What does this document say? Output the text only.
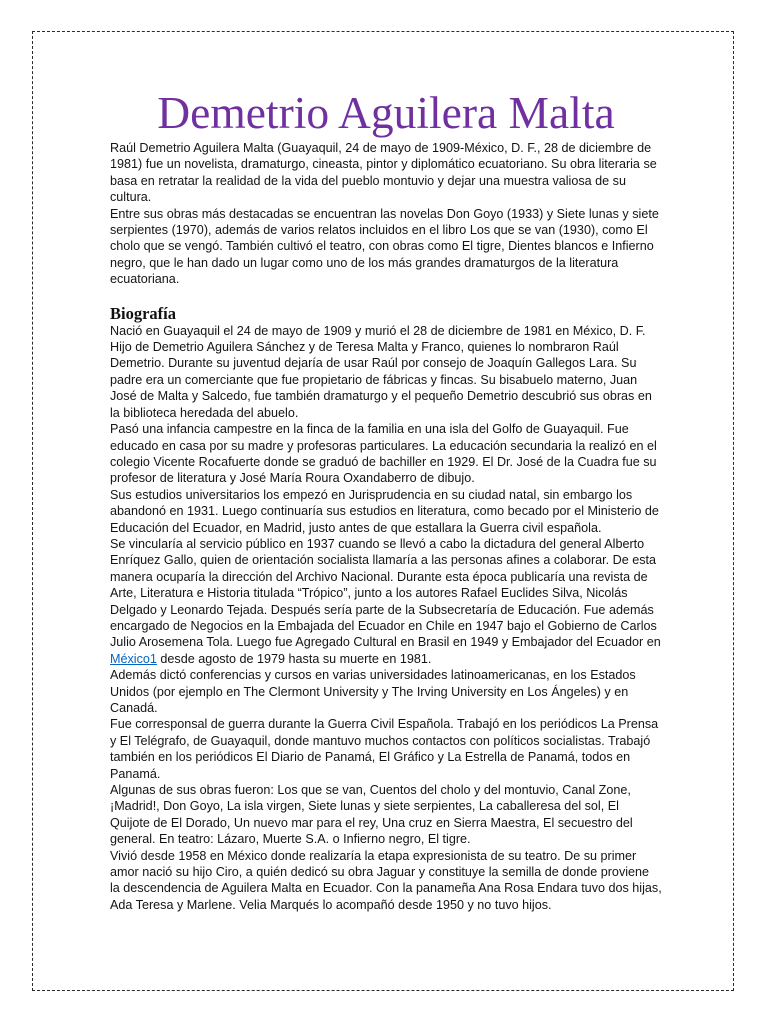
Demetrio Aguilera Malta

Raúl Demetrio Aguilera Malta (Guayaquil, 24 de mayo de 1909-México, D. F., 28 de diciembre de 1981) fue un novelista, dramaturgo, cineasta, pintor y diplomático ecuatoriano. Su obra literaria se basa en retratar la realidad de la vida del pueblo montuvio y dejar una muestra valiosa de su cultura.

Entre sus obras más destacadas se encuentran las novelas Don Goyo (1933) y Siete lunas y siete serpientes (1970), además de varios relatos incluidos en el libro Los que se van (1930), como El cholo que se vengó. También cultivó el teatro, con obras como El tigre, Dientes blancos e Infierno negro, que le han dado un lugar como uno de los más grandes dramaturgos de la literatura ecuatoriana.

Biografía

Nació en Guayaquil el 24 de mayo de 1909 y murió el 28 de diciembre de 1981 en México, D. F. Hijo de Demetrio Aguilera Sánchez y de Teresa Malta y Franco, quienes lo nombraron Raúl Demetrio. Durante su juventud dejaría de usar Raúl por consejo de Joaquín Gallegos Lara. Su padre era un comerciante que fue propietario de fábricas y fincas. Su bisabuelo materno, Juan José de Malta y Salcedo, fue también dramaturgo y el pequeño Demetrio descubrió sus obras en la biblioteca heredada del abuelo.

Pasó una infancia campestre en la finca de la familia en una isla del Golfo de Guayaquil. Fue educado en casa por su madre y profesoras particulares. La educación secundaria la realizó en el colegio Vicente Rocafuerte donde se graduó de bachiller en 1929. El Dr. José de la Cuadra fue su profesor de literatura y José María Roura Oxandaberro de dibujo.

Sus estudios universitarios los empezó en Jurisprudencia en su ciudad natal, sin embargo los abandonó en 1931. Luego continuaría sus estudios en literatura, como becado por el Ministerio de Educación del Ecuador, en Madrid, justo antes de que estallara la Guerra civil española.

Se vincularía al servicio público en 1937 cuando se llevó a cabo la dictadura del general Alberto Enríquez Gallo, quien de orientación socialista llamaría a las personas afines a colaborar. De esta manera ocuparía la dirección del Archivo Nacional. Durante esta época publicaría una revista de Arte, Literatura e Historia titulada “Trópico”, junto a los autores Rafael Euclides Silva, Nicolás Delgado y Leonardo Tejada. Después sería parte de la Subsecretaría de Educación. Fue además encargado de Negocios en la Embajada del Ecuador en Chile en 1947 bajo el Gobierno de Carlos Julio Arosemena Tola. Luego fue Agregado Cultural en Brasil en 1949 y Embajador del Ecuador en México1 desde agosto de 1979 hasta su muerte en 1981.

Además dictó conferencias y cursos en varias universidades latinoamericanas, en los Estados Unidos (por ejemplo en The Clermont University y The Irving University en Los Ángeles) y en Canadá.

Fue corresponsal de guerra durante la Guerra Civil Española. Trabajó en los periódicos La Prensa y El Telégrafo, de Guayaquil, donde mantuvo muchos contactos con políticos socialistas. Trabajó también en los periódicos El Diario de Panamá, El Gráfico y La Estrella de Panamá, todos en Panamá.

Algunas de sus obras fueron: Los que se van, Cuentos del cholo y del montuvio, Canal Zone, ¡Madrid!, Don Goyo, La isla virgen, Siete lunas y siete serpientes, La caballeresa del sol, El Quijote de El Dorado, Un nuevo mar para el rey, Una cruz en Sierra Maestra, El secuestro del general. En teatro: Lázaro, Muerte S.A. o Infierno negro, El tigre.

Vivió desde 1958 en México donde realizaría la etapa expresionista de su teatro. De su primer amor nació su hijo Ciro, a quién dedicó su obra Jaguar y constituye la semilla de donde proviene la descendencia de Aguilera Malta en Ecuador. Con la panameña Ana Rosa Endara tuvo dos hijas, Ada Teresa y Marlene. Velia Marqués lo acompañó desde 1950 y no tuvo hijos.
